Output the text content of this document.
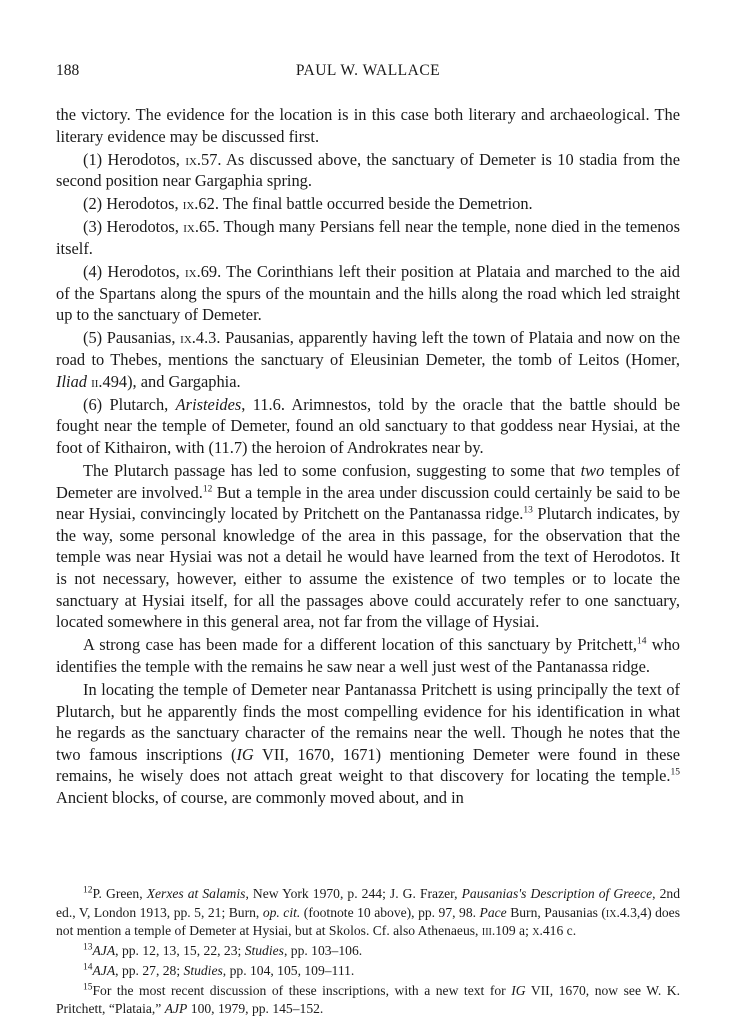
188	PAUL W. WALLACE

the victory. The evidence for the location is in this case both literary and archaeological. The literary evidence may be discussed first.

(1) Herodotos, ix.57. As discussed above, the sanctuary of Demeter is 10 stadia from the second position near Gargaphia spring.

(2) Herodotos, ix.62. The final battle occurred beside the Demetrion.

(3) Herodotos, ix.65. Though many Persians fell near the temple, none died in the temenos itself.

(4) Herodotos, ix.69. The Corinthians left their position at Plataia and marched to the aid of the Spartans along the spurs of the mountain and the hills along the road which led straight up to the sanctuary of Demeter.

(5) Pausanias, ix.4.3. Pausanias, apparently having left the town of Plataia and now on the road to Thebes, mentions the sanctuary of Eleusinian Demeter, the tomb of Leitos (Homer, Iliad ii.494), and Gargaphia.

(6) Plutarch, Aristeides, 11.6. Arimnestos, told by the oracle that the battle should be fought near the temple of Demeter, found an old sanctuary to that goddess near Hysiai, at the foot of Kithairon, with (11.7) the heroion of Androkrates near by.

The Plutarch passage has led to some confusion, suggesting to some that two temples of Demeter are involved.$^{12}$ But a temple in the area under discussion could certainly be said to be near Hysiai, convincingly located by Pritchett on the Pantanassa ridge.$^{13}$ Plutarch indicates, by the way, some personal knowledge of the area in this passage, for the observation that the temple was near Hysiai was not a detail he would have learned from the text of Herodotos. It is not necessary, however, either to assume the existence of two temples or to locate the sanctuary at Hysiai itself, for all the passages above could accurately refer to one sanctuary, located somewhere in this general area, not far from the village of Hysiai.

A strong case has been made for a different location of this sanctuary by Pritchett,$^{14}$ who identifies the temple with the remains he saw near a well just west of the Pantanassa ridge.

In locating the temple of Demeter near Pantanassa Pritchett is using principally the text of Plutarch, but he apparently finds the most compelling evidence for his identification in what he regards as the sanctuary character of the remains near the well. Though he notes that the two famous inscriptions (IG VII, 1670, 1671) mentioning Demeter were found in these remains, he wisely does not attach great weight to that discovery for locating the temple.$^{15}$ Ancient blocks, of course, are commonly moved about, and in

$^{12}$P. Green, Xerxes at Salamis, New York 1970, p. 244; J. G. Frazer, Pausanias's Description of Greece, 2nd ed., V, London 1913, pp. 5, 21; Burn, op. cit. (footnote 10 above), pp. 97, 98. Pace Burn, Pausanias (ix.4.3,4) does not mention a temple of Demeter at Hysiai, but at Skolos. Cf. also Athenaeus, iii.109 a; x.416 c.

$^{13}$AJA, pp. 12, 13, 15, 22, 23; Studies, pp. 103–106.

$^{14}$AJA, pp. 27, 28; Studies, pp. 104, 105, 109–111.

$^{15}$For the most recent discussion of these inscriptions, with a new text for IG VII, 1670, now see W. K. Pritchett, “Plataia,” AJP 100, 1979, pp. 145–152.
